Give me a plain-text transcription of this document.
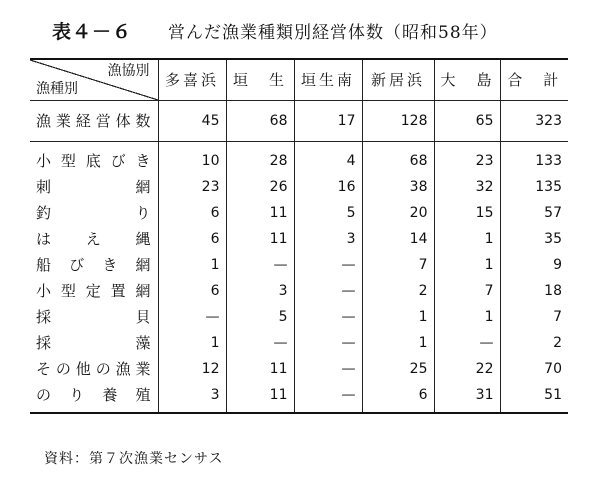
表４－６ 営んだ漁業種類別経営体数（昭和58年）
漁協別
漁種別	多喜浜	垣　生	垣生南	新居浜	大　島	合　計
漁業経営体数	45	68	17	128	65	323
小型底びき	10	28	4	68	23	133
刺網	23	26	16	38	32	135
釣り	6	11	5	20	15	57
はえ縄	6	11	3	14	1	35
船びき網	1	—	—	7	1	9
小型定置網	6	3	—	2	7	18
採貝	—	5	—	1	1	7
採藻	1	—	—	1	—	2
その他の漁業	12	11	—	25	22	70
のり養殖	3	11	—	6	31	51
資料：第７次漁業センサス
